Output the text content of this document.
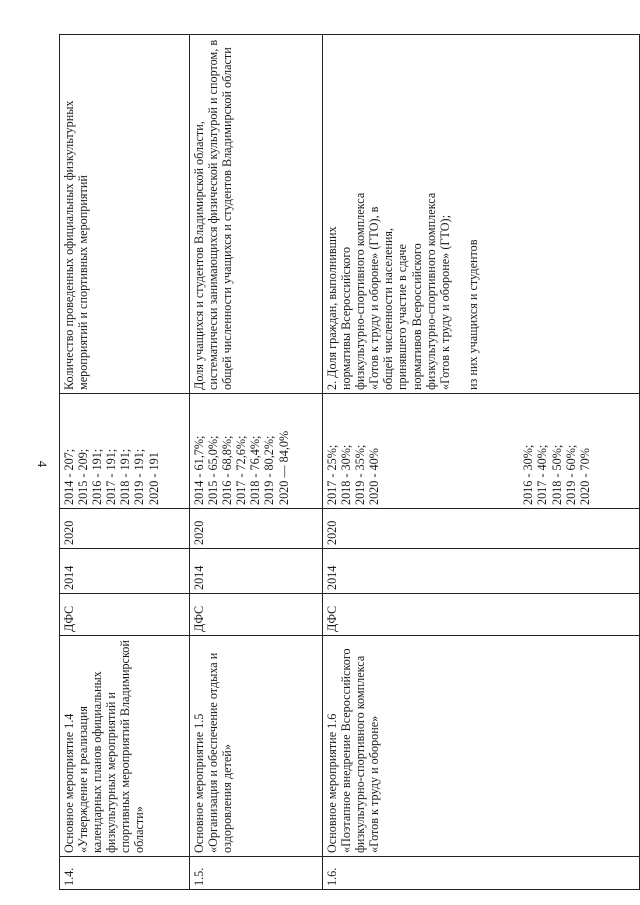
4
1.4.
Основное мероприятие 1.4
«Утверждение и реализация календарных планов официальных физкультурных мероприятий и спортивных мероприятий Владимирской области»
ДФС
2014
2020
2014 - 207;
2015 - 209;
2016 - 191;
2017 - 191;
2018 - 191;
2019 - 191;
2020 - 191
Количество проведенных официальных физкультурных мероприятий и спортивных мероприятий
1.5.
Основное мероприятие 1.5
«Организация и обеспечение отдыха и оздоровления детей»
ДФС
2014
2020
2014 - 61,7%;
2015 - 65,0%;
2016 - 68,8%;
2017 - 72,6%;
2018 - 76,4%;
2019 - 80,2%;
2020 — 84,0%
Доля учащихся и студентов Владимирской области, систематически занимающихся физической культурой и спортом, в общей численности учащихся и студентов Владимирской области
1.6.
Основное мероприятие 1.6
«Поэтапное внедрение Всероссийского физкультурно-спортивного комплекса «Готов к труду и обороне»
ДФС
2014
2020
2017 - 25%;
2018 - 30%;
2019 - 35%;
2020 - 40%
2016 - 30%;
2017 - 40%;
2018 - 50%;
2019 - 60%;
2020 - 70%
2. Доля граждан, выполнивших нормативы Всероссийского физкультурно-спортивного комплекса «Готов к труду и обороне» (ГТО), в общей численности населения, принявшего участие в сдаче нормативов Всероссийского физкультурно-спортивного комплекса «Готов к труду и обороне» (ГТО); из них учащихся и студентов
